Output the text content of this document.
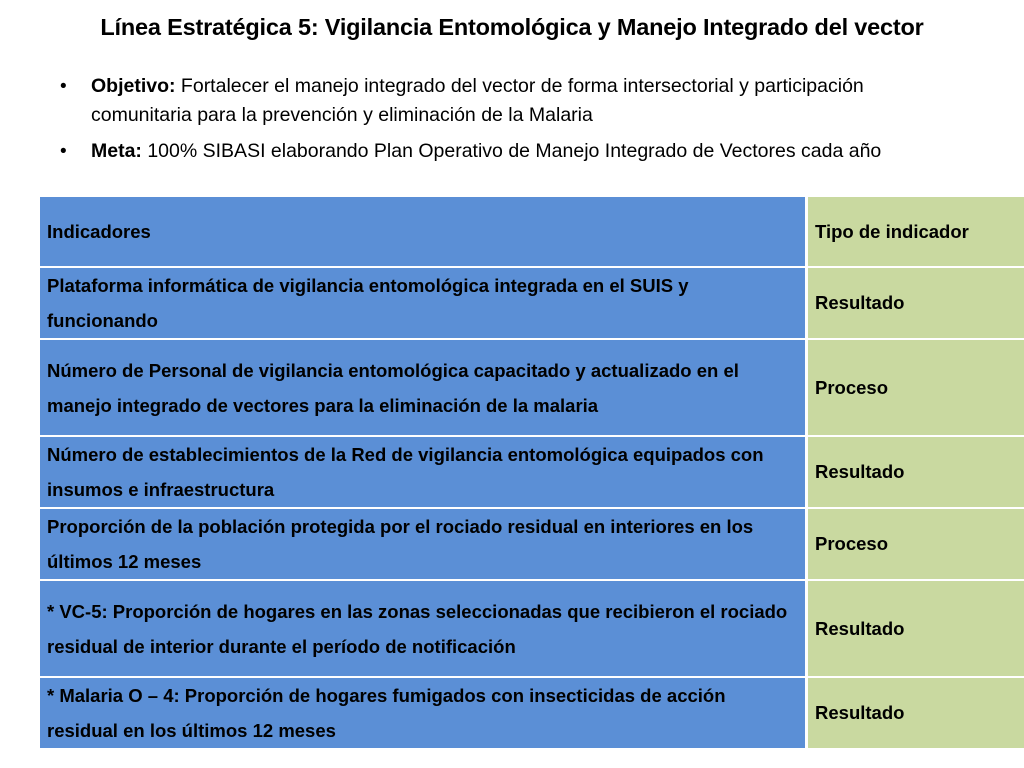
Línea Estratégica 5: Vigilancia Entomológica y Manejo Integrado del vector
• Objetivo: Fortalecer el manejo integrado del vector de forma intersectorial y participación comunitaria para la prevención y eliminación de la Malaria
• Meta: 100% SIBASI elaborando Plan Operativo de Manejo Integrado de Vectores cada año
Indicadores	Tipo de indicador
Plataforma informática de vigilancia entomológica integrada en el SUIS y funcionando	Resultado
Número de Personal de vigilancia entomológica capacitado y actualizado en el manejo integrado de vectores para la eliminación de la malaria	Proceso
Número de establecimientos de la Red de vigilancia entomológica equipados con insumos e infraestructura	Resultado
Proporción de la población protegida por el rociado residual en interiores en los últimos 12 meses	Proceso
* VC-5: Proporción de hogares en las zonas seleccionadas que recibieron el rociado residual de interior durante el período de notificación	Resultado
* Malaria O – 4: Proporción de hogares fumigados con insecticidas de acción residual en los últimos 12 meses	Resultado
